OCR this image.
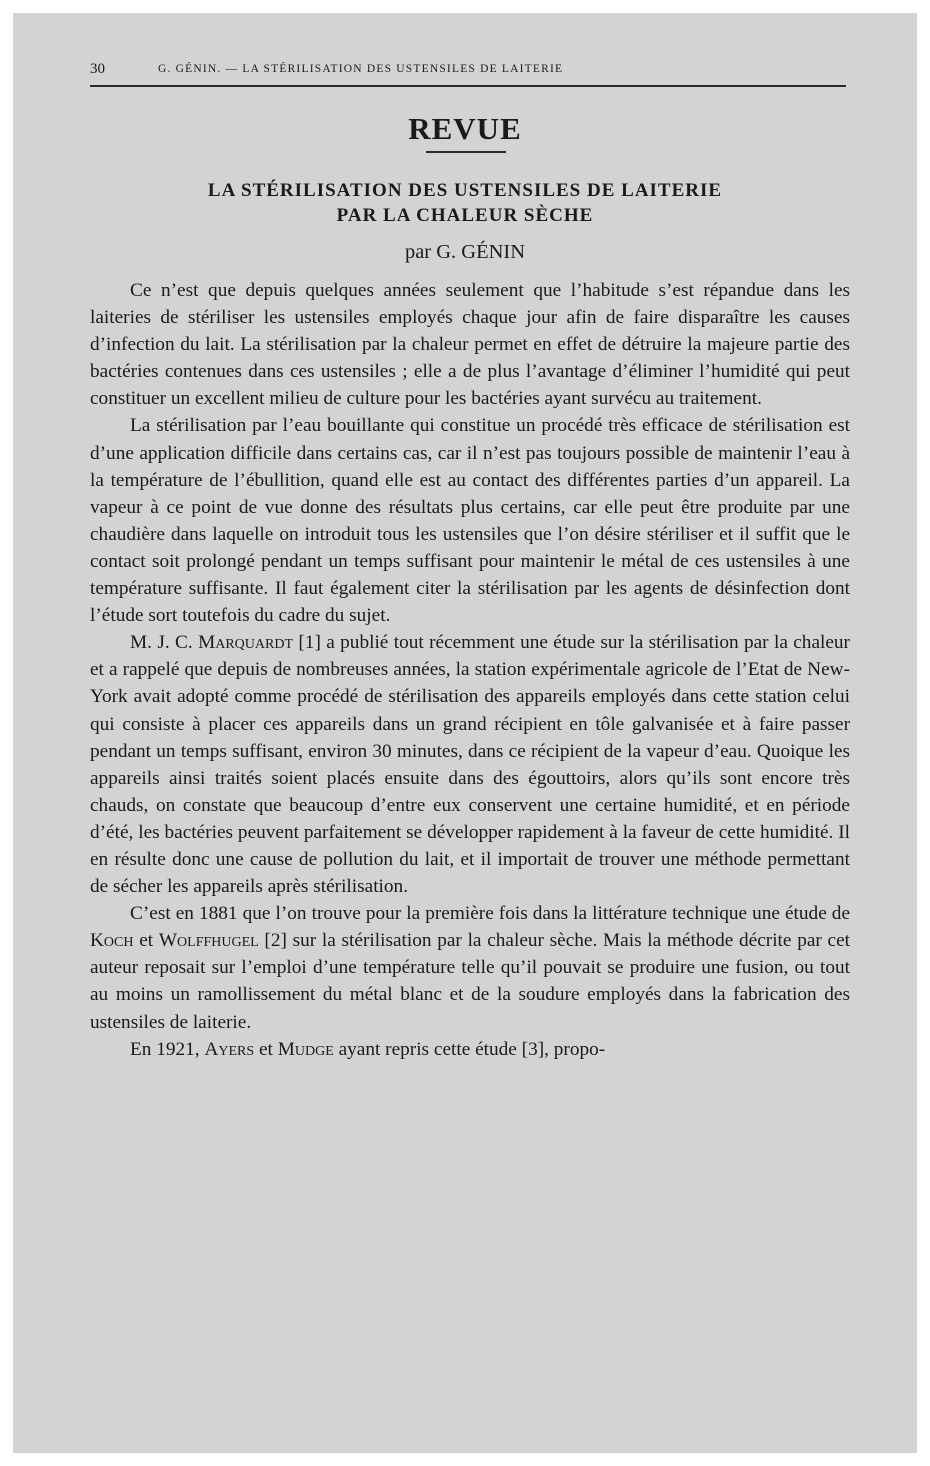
30	G. GÉNIN. — LA STÉRILISATION DES USTENSILES DE LAITERIE
REVUE
LA STÉRILISATION DES USTENSILES DE LAITERIE
PAR LA CHALEUR SÈCHE
par G. GÉNIN

Ce n’est que depuis quelques années seulement que l’habitude s’est répandue dans les laiteries de stériliser les ustensiles employés chaque jour afin de faire disparaître les causes d’infection du lait. La stérilisation par la chaleur permet en effet de détruire la majeure partie des bactéries contenues dans ces ustensiles ; elle a de plus l’avantage d’éliminer l’humidité qui peut constituer un excellent milieu de culture pour les bactéries ayant survécu au traitement.

La stérilisation par l’eau bouillante qui constitue un procédé très efficace de stérilisation est d’une application difficile dans certains cas, car il n’est pas toujours possible de maintenir l’eau à la température de l’ébullition, quand elle est au contact des différentes parties d’un appareil. La vapeur à ce point de vue donne des résultats plus certains, car elle peut être produite par une chaudière dans laquelle on introduit tous les ustensiles que l’on désire stériliser et il suffit que le contact soit prolongé pendant un temps suffisant pour maintenir le métal de ces ustensiles à une température suffisante. Il faut également citer la stérilisation par les agents de désinfection dont l’étude sort toutefois du cadre du sujet.

M. J. C. Marquardt [1] a publié tout récemment une étude sur la stérilisation par la chaleur et a rappelé que depuis de nombreuses années, la station expérimentale agricole de l’Etat de New-York avait adopté comme procédé de stérilisation des appareils employés dans cette station celui qui consiste à placer ces appareils dans un grand récipient en tôle galvanisée et à faire passer pendant un temps suffisant, environ 30 minutes, dans ce récipient de la vapeur d’eau. Quoique les appareils ainsi traités soient placés ensuite dans des égouttoirs, alors qu’ils sont encore très chauds, on constate que beaucoup d’entre eux conservent une certaine humidité, et en période d’été, les bactéries peuvent parfaitement se développer rapidement à la faveur de cette humidité. Il en résulte donc une cause de pollution du lait, et il importait de trouver une méthode permettant de sécher les appareils après stérilisation.

C’est en 1881 que l’on trouve pour la première fois dans la littérature technique une étude de Koch et Wolffhugel [2] sur la stérilisation par la chaleur sèche. Mais la méthode décrite par cet auteur reposait sur l’emploi d’une température telle qu’il pouvait se produire une fusion, ou tout au moins un ramollissement du métal blanc et de la soudure employés dans la fabrication des ustensiles de laiterie.

En 1921, Ayers et Mudge ayant repris cette étude [3], propo-
